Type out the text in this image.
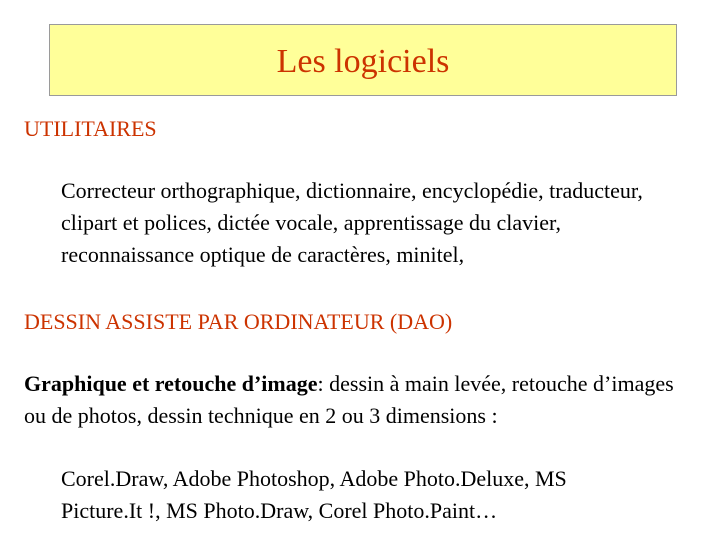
Les logiciels
UTILITAIRES
Correcteur orthographique, dictionnaire, encyclopédie, traducteur, clipart et polices, dictée vocale, apprentissage du clavier, reconnaissance optique de caractères, minitel,
DESSIN ASSISTE PAR ORDINATEUR (DAO)
Graphique et retouche d’image: dessin à main levée, retouche d’images ou de photos, dessin technique en 2 ou 3 dimensions :
Corel.Draw, Adobe Photoshop, Adobe Photo.Deluxe, MS Picture.It !, MS Photo.Draw, Corel Photo.Paint…
